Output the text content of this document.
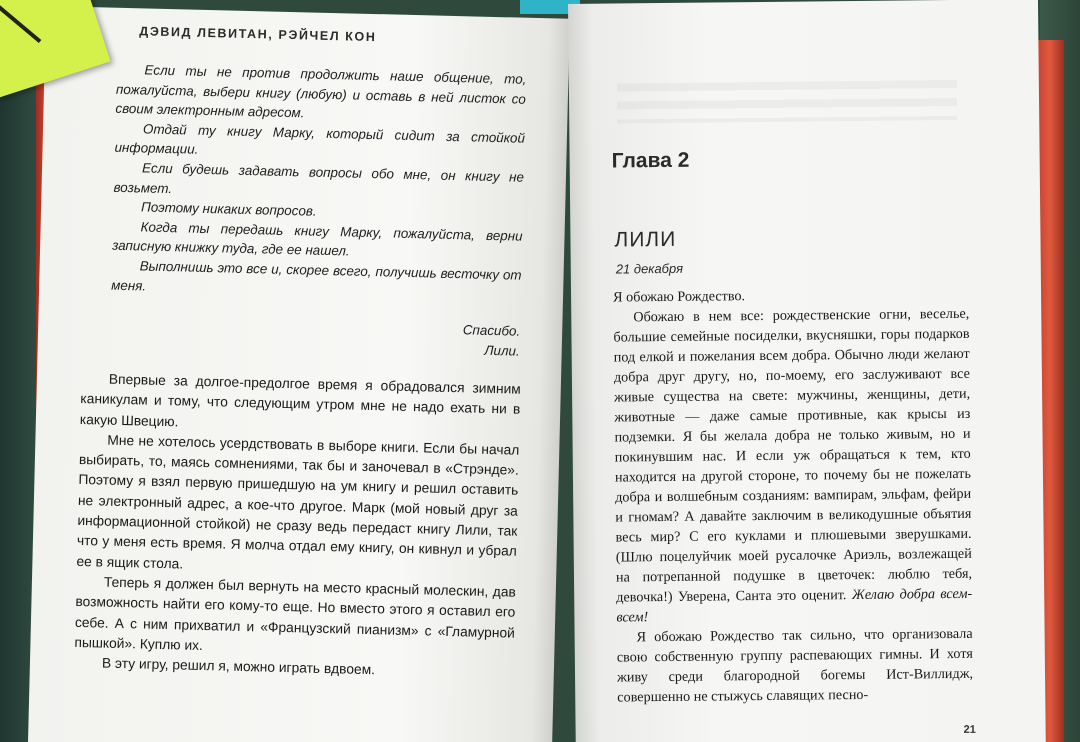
ДЭВИД ЛЕВИТАН, РЭЙЧЕЛ КОН

Если ты не против продолжить наше общение, то, пожалуйста, выбери книгу (любую) и оставь в ней листок со своим электронным адресом.

Отдай ту книгу Марку, который сидит за стойкой информации.

Если будешь задавать вопросы обо мне, он книгу не возьмет.

Поэтому никаких вопросов.

Когда ты передашь книгу Марку, пожалуйста, верни записную книжку туда, где ее нашел.

Выполнишь это все и, скорее всего, получишь весточку от меня.

Спасибо.
Лили.

Впервые за долгое-предолгое время я обрадовался зимним каникулам и тому, что следующим утром мне не надо ехать ни в какую Швецию.

Мне не хотелось усердствовать в выборе книги. Если бы начал выбирать, то, маясь сомнениями, так бы и заночевал в «Стрэнде». Поэтому я взял первую пришедшую на ум книгу и решил оставить не электронный адрес, а кое-что другое. Марк (мой новый друг за информационной стойкой) не сразу ведь передаст книгу Лили, так что у меня есть время. Я молча отдал ему книгу, он кивнул и убрал ее в ящик стола.

Теперь я должен был вернуть на место красный молескин, дав возможность найти его кому-то еще. Но вместо этого я оставил его себе. А с ним прихватил и «Французский пианизм» с «Гламурной пышкой». Куплю их.

В эту игру, решил я, можно играть вдвоем.

Глава 2
ЛИЛИ
21 декабря

Я обожаю Рождество.

Обожаю в нем все: рождественские огни, веселье, большие семейные посиделки, вкусняшки, горы подарков под елкой и пожелания всем добра. Обычно люди желают добра друг другу, но, по-моему, его заслуживают все живые существа на свете: мужчины, женщины, дети, животные — даже самые противные, как крысы из подземки. Я бы желала добра не только живым, но и покинувшим нас. И если уж обращаться к тем, кто находится на другой стороне, то почему бы не пожелать добра и волшебным созданиям: вампирам, эльфам, фейри и гномам? А давайте заключим в великодушные объятия весь мир? С его куклами и плюшевыми зверушками. (Шлю поцелуйчик моей русалочке Ариэль, возлежащей на потрепанной подушке в цветочек: люблю тебя, девочка!) Уверена, Санта это оценит. Желаю добра всем-всем!

Я обожаю Рождество так сильно, что организовала свою собственную группу распевающих гимны. И хотя живу среди благородной богемы Ист-Виллидж, совершенно не стыжусь славящих песно-

21
